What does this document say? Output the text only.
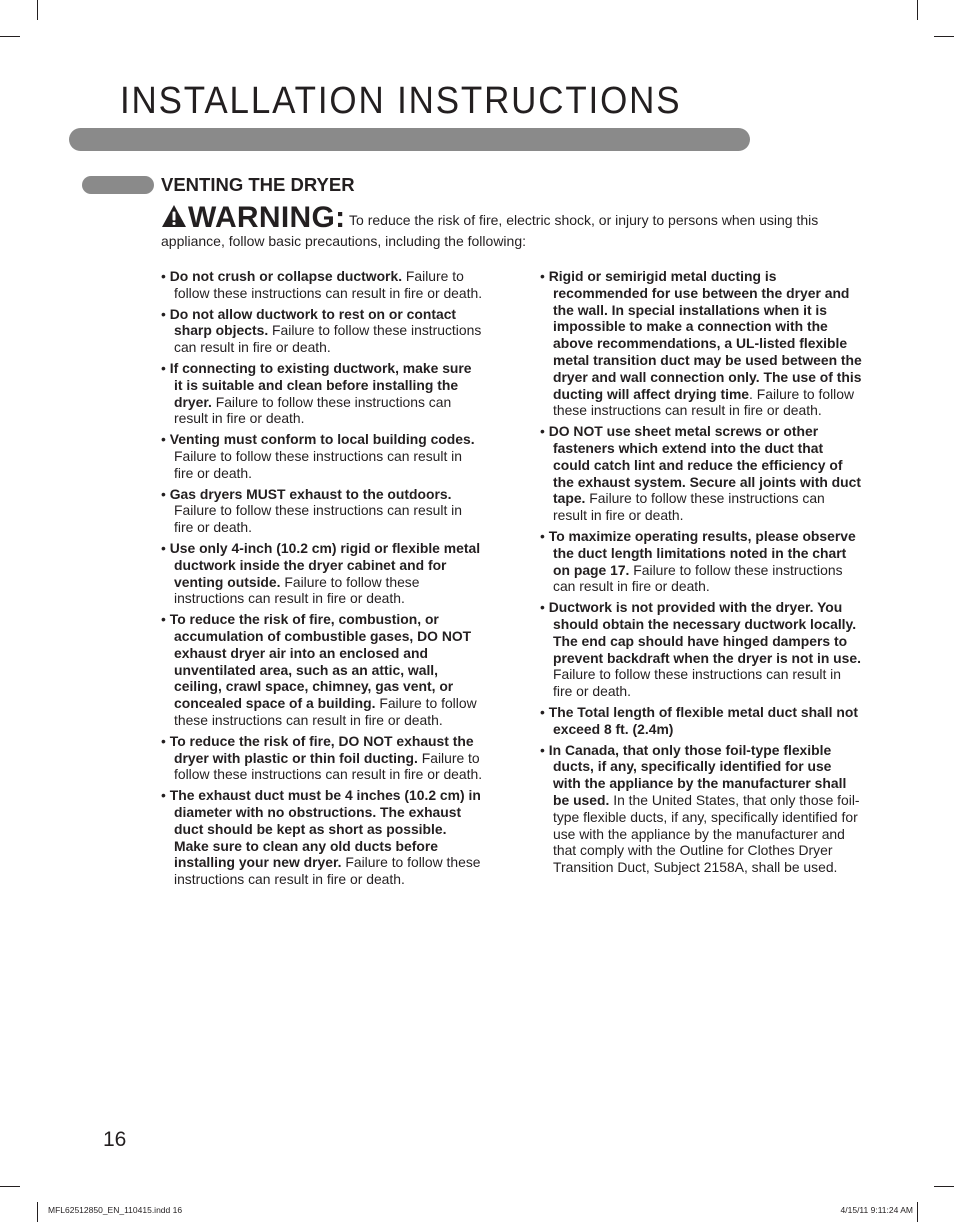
INSTALLATION INSTRUCTIONS
VENTING THE DRYER
WARNING: To reduce the risk of fire, electric shock, or injury to persons when using this appliance, follow basic precautions, including the following:
• Do not crush or collapse ductwork. Failure to follow these instructions can result in fire or death.
• Do not allow ductwork to rest on or contact sharp objects. Failure to follow these instructions can result in fire or death.
• If connecting to existing ductwork, make sure it is suitable and clean before installing the dryer. Failure to follow these instructions can result in fire or death.
• Venting must conform to local building codes. Failure to follow these instructions can result in fire or death.
• Gas dryers MUST exhaust to the outdoors. Failure to follow these instructions can result in fire or death.
• Use only 4-inch (10.2 cm) rigid or flexible metal ductwork inside the dryer cabinet and for venting outside. Failure to follow these instructions can result in fire or death.
• To reduce the risk of fire, combustion, or accumulation of combustible gases, DO NOT exhaust dryer air into an enclosed and unventilated area, such as an attic, wall, ceiling, crawl space, chimney, gas vent, or concealed space of a building. Failure to follow these instructions can result in fire or death.
• To reduce the risk of fire, DO NOT exhaust the dryer with plastic or thin foil ducting. Failure to follow these instructions can result in fire or death.
• The exhaust duct must be 4 inches (10.2 cm) in diameter with no obstructions. The exhaust duct should be kept as short as possible. Make sure to clean any old ducts before installing your new dryer. Failure to follow these instructions can result in fire or death.
• Rigid or semirigid metal ducting is recommended for use between the dryer and the wall. In special installations when it is impossible to make a connection with the above recommendations, a UL-listed flexible metal transition duct may be used between the dryer and wall connection only. The use of this ducting will affect drying time. Failure to follow these instructions can result in fire or death.
• DO NOT use sheet metal screws or other fasteners which extend into the duct that could catch lint and reduce the efficiency of the exhaust system. Secure all joints with duct tape. Failure to follow these instructions can result in fire or death.
• To maximize operating results, please observe the duct length limitations noted in the chart on page 17. Failure to follow these instructions can result in fire or death.
• Ductwork is not provided with the dryer. You should obtain the necessary ductwork locally. The end cap should have hinged dampers to prevent backdraft when the dryer is not in use. Failure to follow these instructions can result in fire or death.
• The Total length of flexible metal duct shall not exceed 8 ft. (2.4m)
• In Canada, that only those foil-type flexible ducts, if any, specifically identified for use with the appliance by the manufacturer shall be used. In the United States, that only those foil-type flexible ducts, if any, specifically identified for use with the appliance by the manufacturer and that comply with the Outline for Clothes Dryer Transition Duct, Subject 2158A, shall be used.
16
MFL62512850_EN_110415.indd 16	4/15/11 9:11:24 AM
